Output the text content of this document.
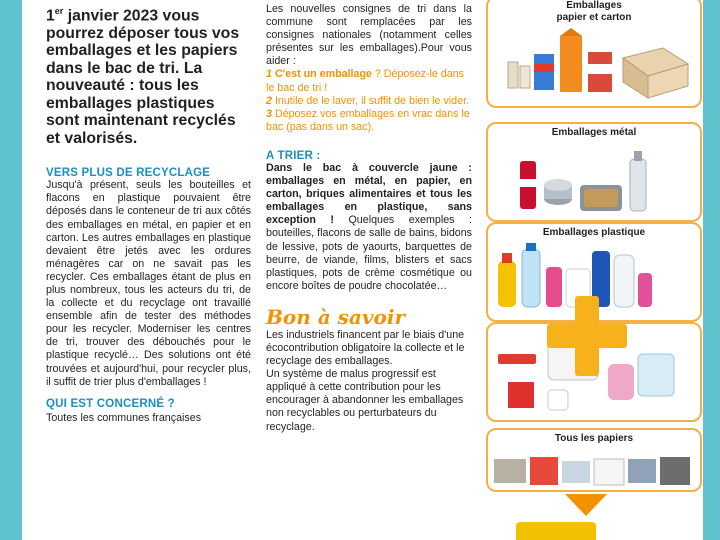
1er janvier 2023 vous pourrez déposer tous vos emballages et les papiers dans le bac de tri. La nouveauté : tous les emballages plastiques sont maintenant recyclés et valorisés.

VERS PLUS DE RECYCLAGE

Jusqu'à présent, seuls les bouteilles et flacons en plastique pouvaient être déposés dans le conteneur de tri aux côtés des emballages en métal, en papier et en carton. Les autres emballages en plastique devaient être jetés avec les ordures ménagères car on ne savait pas les recycler. Ces emballages étant de plus en plus nombreux, tous les acteurs du tri, de la collecte et du recyclage ont travaillé ensemble afin de tester des méthodes pour les recycler. Moderniser les centres de tri, trouver des débouchés pour le plastique recyclé… Des solutions ont été trouvées et aujourd'hui, pour recycler plus, il suffit de trier plus d'emballages !

QUI EST CONCERNÉ ?

Toutes les communes françaises

Les nouvelles consignes de tri dans la commune sont remplacées par les consignes nationales (notamment celles présentes sur les emballages).Pour vous aider :

1 C'est un emballage ? Déposez-le dans le bac de tri !

2 Inutile de le laver, il suffit de bien le vider.

3 Déposez vos emballages en vrac dans le bac (pas dans un sac).

A TRIER :

Dans le bac à couvercle jaune : emballages en métal, en papier, en carton, briques alimentaires et tous les emballages en plastique, sans exception ! Quelques exemples : bouteilles, flacons de salle de bains, bidons de lessive, pots de yaourts, barquettes de beurre, de viande, films, blisters et sacs plastiques, pots de crème cosmétique ou encore boîtes de poudre chocolatée…

Bon à savoir

Les industriels financent par le biais d'une écocontribution obligatoire la collecte et le recyclage des emballages.

Un système de malus progressif est appliqué à cette contribution pour les encourager à abandonner les emballages non recyclables ou perturbateurs du recyclage.

Emballages
papier et carton
Emballages métal
Emballages plastique
Tous les papiers
